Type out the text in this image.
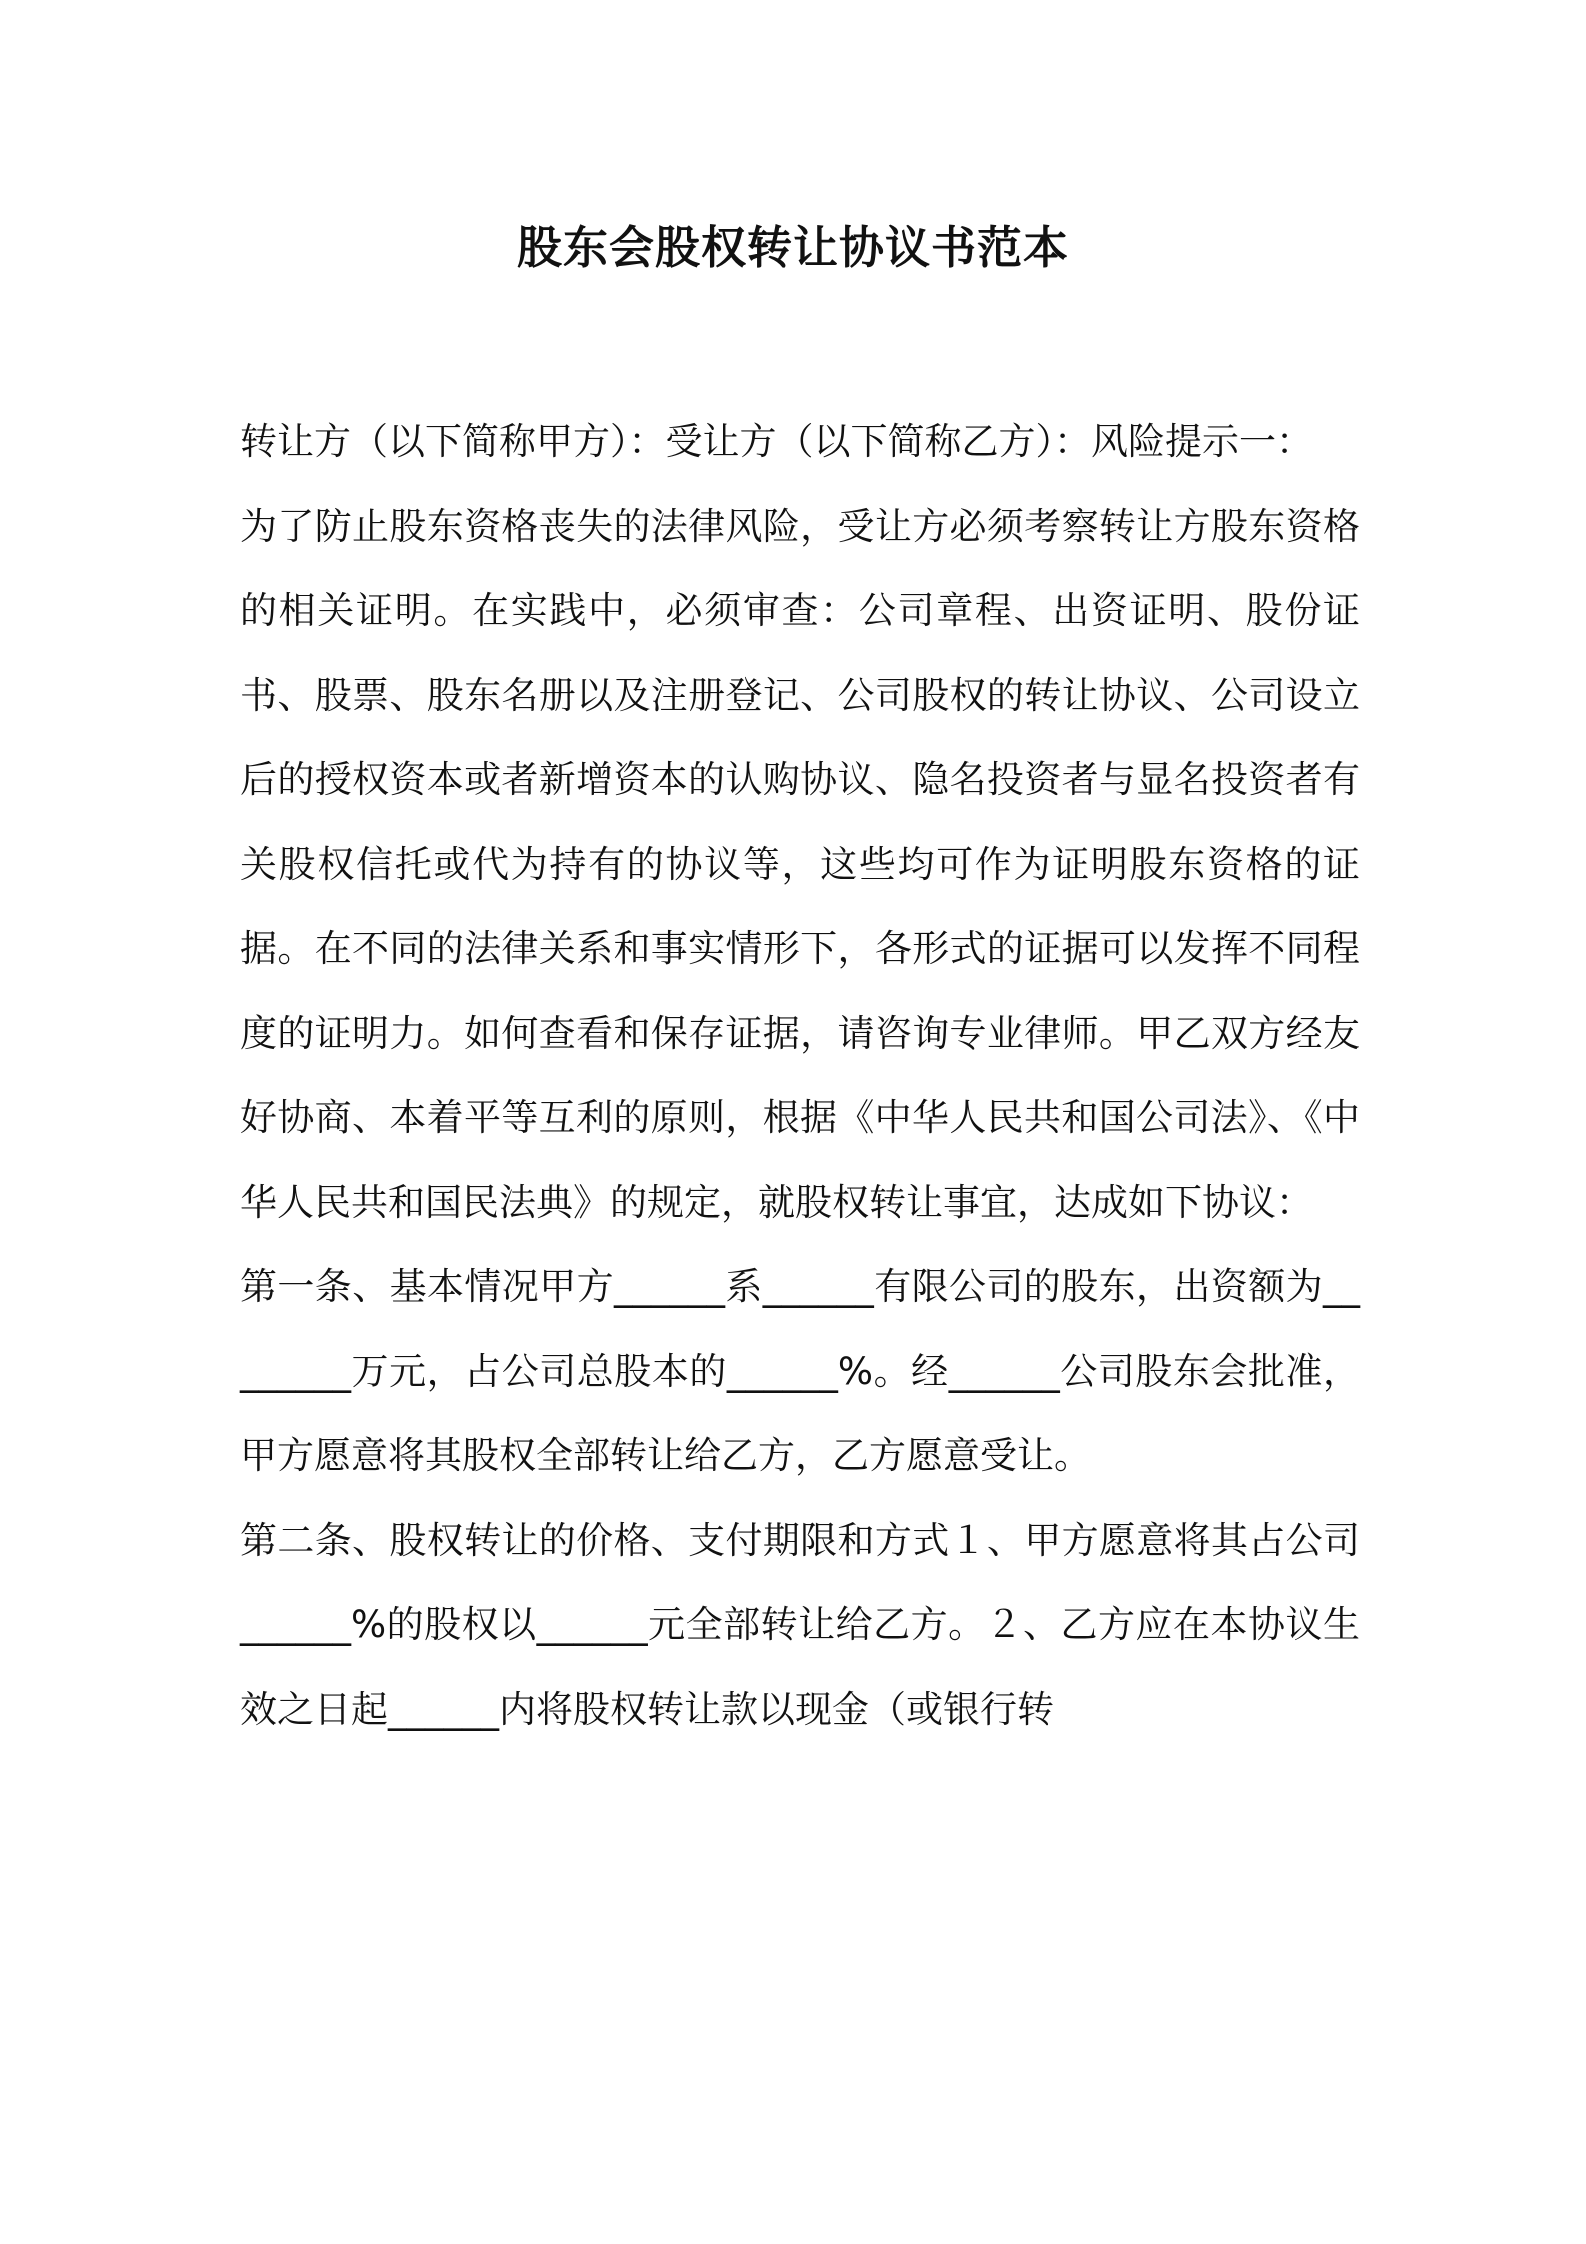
股东会股权转让协议书范本

转让方（以下简称甲方）：受让方（以下简称乙方）：风险提示一：

为了防止股东资格丧失的法律风险，受让方必须考察转让方股东资格的相关证明。在实践中，必须审查：公司章程、出资证明、股份证书、股票、股东名册以及注册登记、公司股权的转让协议、公司设立后的授权资本或者新增资本的认购协议、隐名投资者与显名投资者有关股权信托或代为持有的协议等，这些均可作为证明股东资格的证据。在不同的法律关系和事实情形下，各形式的证据可以发挥不同程度的证明力。如何查看和保存证据，请咨询专业律师。甲乙双方经友好协商、本着平等互利的原则，根据《中华人民共和国公司法》、《中华人民共和国民法典》的规定，就股权转让事宜，达成如下协议：

第一条、基本情况甲方______系______有限公司的股东，出资额为________万元，占公司总股本的______%。经______公司股东会批准，甲方愿意将其股权全部转让给乙方，乙方愿意受让。

第二条、股权转让的价格、支付期限和方式１、甲方愿意将其占公司______%的股权以______元全部转让给乙方。２、乙方应在本协议生效之日起______内将股权转让款以现金（或银行转
